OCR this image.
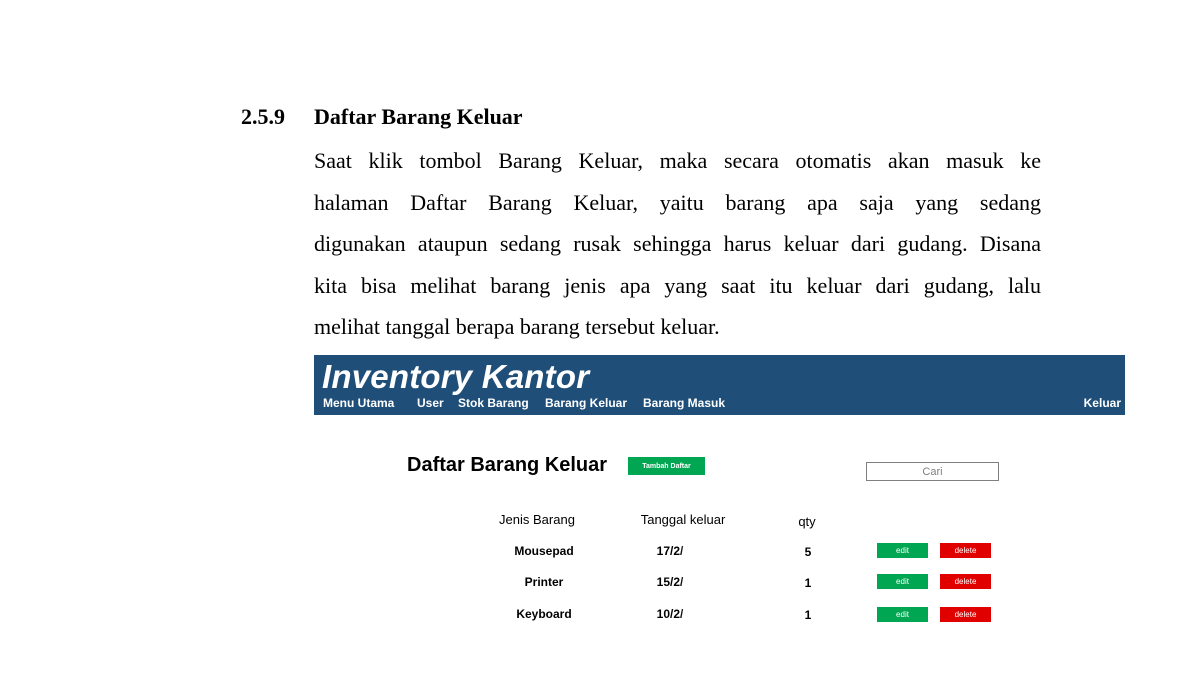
2.5.9	Daftar Barang Keluar

Saat klik tombol Barang Keluar, maka secara otomatis akan masuk ke
halaman Daftar Barang Keluar, yaitu barang apa saja yang sedang
digunakan ataupun sedang rusak sehingga harus keluar dari gudang. Disana
kita bisa melihat barang jenis apa yang saat itu keluar dari gudang, lalu
melihat tanggal berapa barang tersebut keluar.

Inventory Kantor
Menu Utama User Stok Barang Barang Keluar Barang Masuk	Keluar
Daftar Barang Keluar	Tambah Daftar
Cari
Jenis Barang	Tanggal keluar	qty
Mousepad	17/2/	5	edit	delete
Printer	15/2/	1	edit	delete
Keyboard	10/2/	1	edit	delete
